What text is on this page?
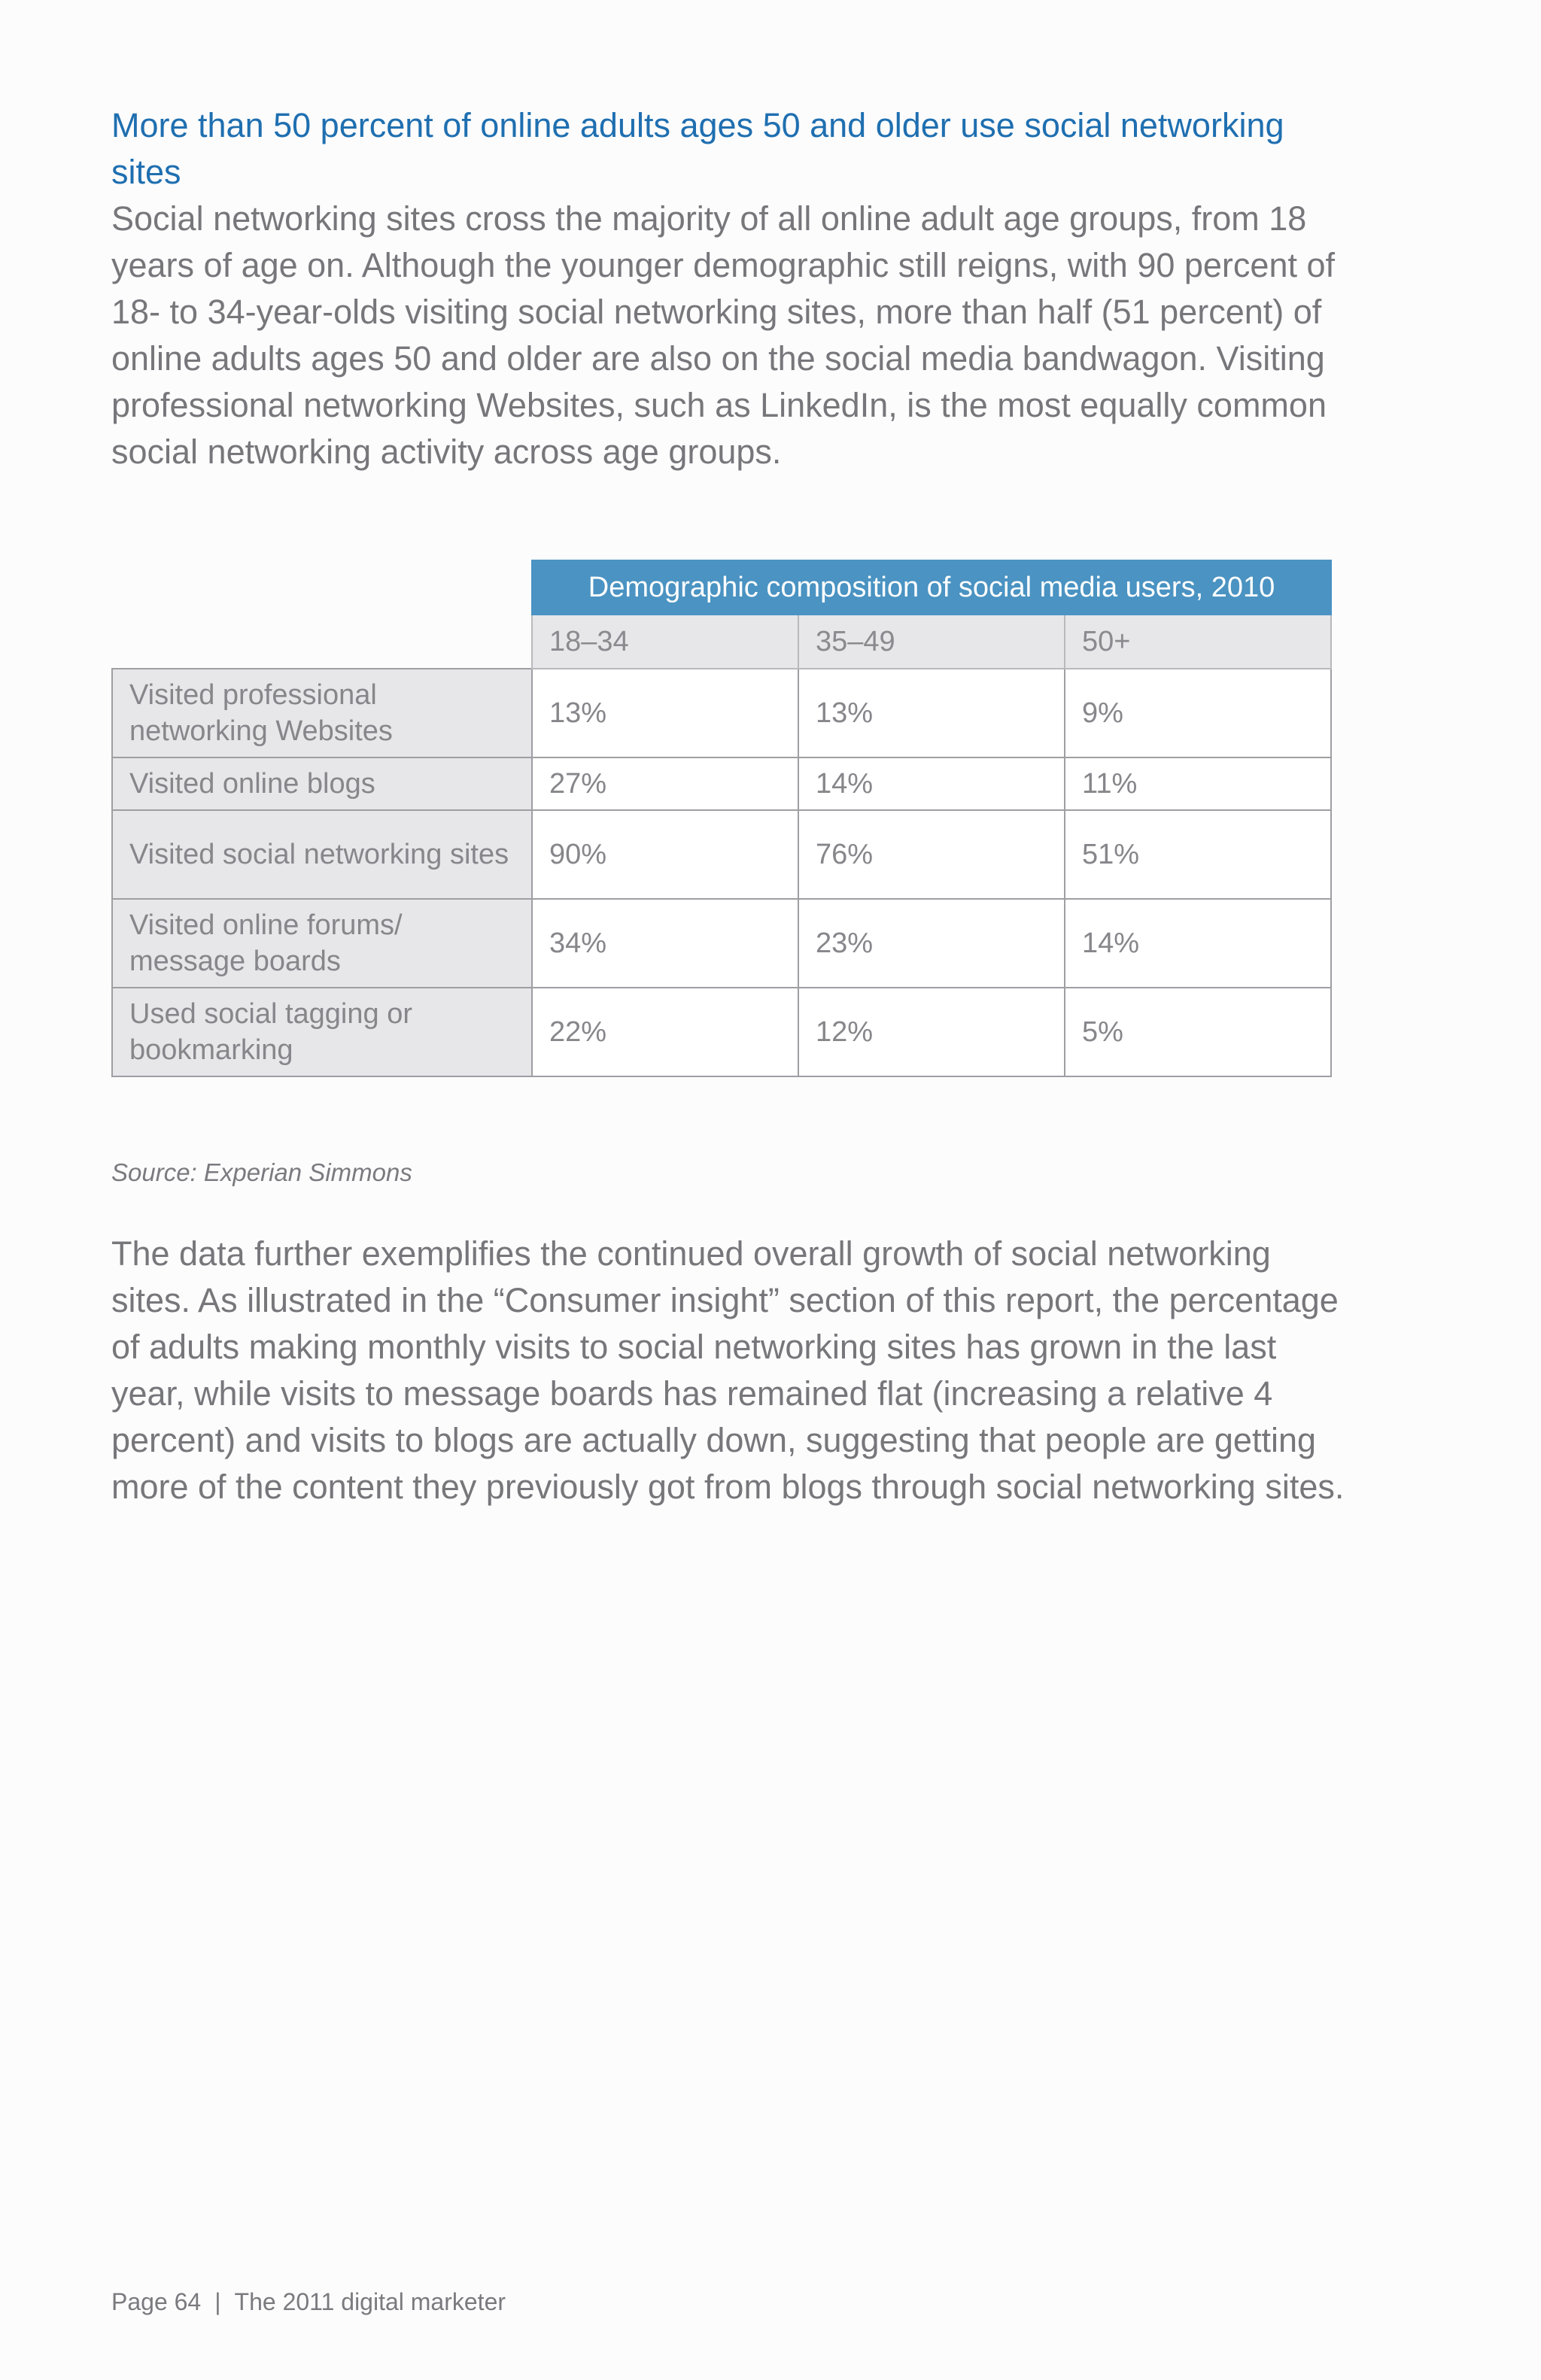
More than 50 percent of online adults ages 50 and older use social networking sites

Social networking sites cross the majority of all online adult age groups, from 18 years of age on. Although the younger demographic still reigns, with 90 percent of 18- to 34-year-olds visiting social networking sites, more than half (51 percent) of online adults ages 50 and older are also on the social media bandwagon. Visiting professional networking Websites, such as LinkedIn, is the most equally common social networking activity across age groups.

	Demographic composition of social media users, 2010		
	18–34	35–49	50+
Visited professional networking Websites	13%	13%	9%
Visited online blogs	27%	14%	11%
Visited social networking sites	90%	76%	51%
Visited online forums/ message boards	34%	23%	14%
Used social tagging or bookmarking	22%	12%	5%

Source: Experian Simmons

The data further exemplifies the continued overall growth of social networking sites. As illustrated in the “Consumer insight” section of this report, the percentage of adults making monthly visits to social networking sites has grown in the last year, while visits to message boards has remained flat (increasing a relative 4 percent) and visits to blogs are actually down, suggesting that people are getting more of the content they previously got from blogs through social networking sites.

Page 64 | The 2011 digital marketer
